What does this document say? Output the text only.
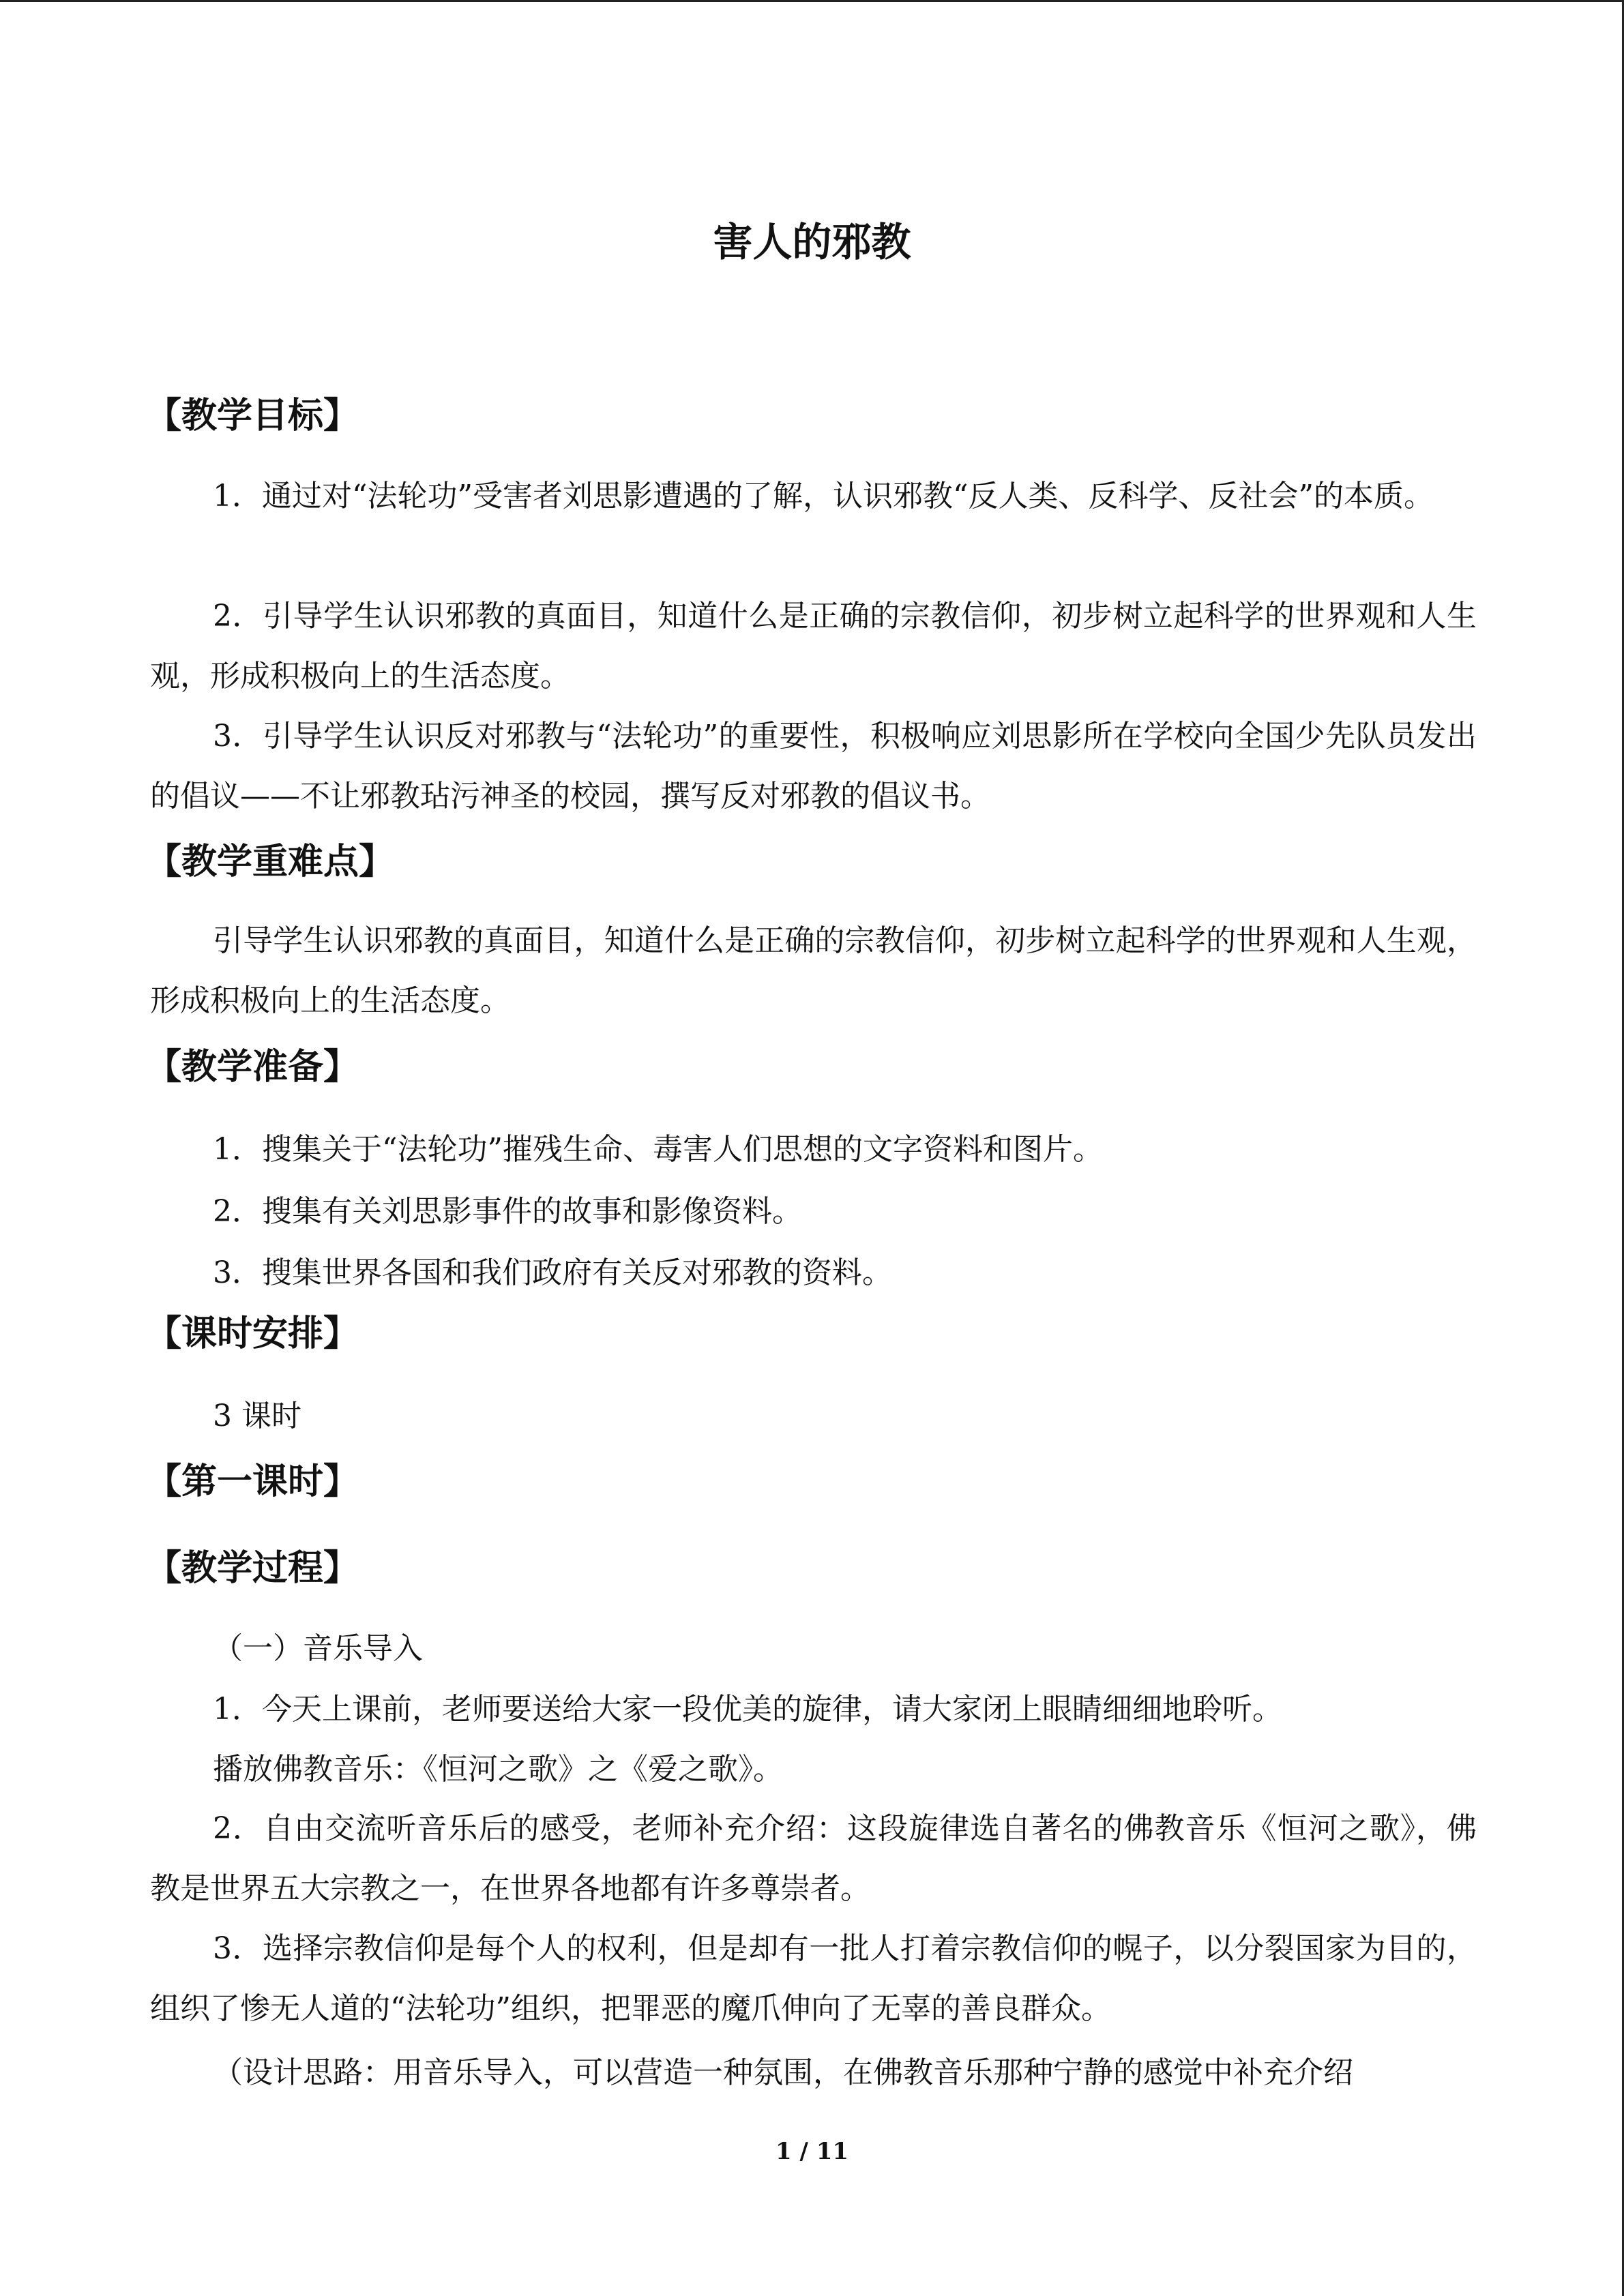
害人的邪教
【教学目标】

1．通过对“法轮功”受害者刘思影遭遇的了解，认识邪教“反人类、反科学、反社会”的本质。

2．引导学生认识邪教的真面目，知道什么是正确的宗教信仰，初步树立起科学的世界观和人生观，形成积极向上的生活态度。

3．引导学生认识反对邪教与“法轮功”的重要性，积极响应刘思影所在学校向全国少先队员发出的倡议——不让邪教玷污神圣的校园，撰写反对邪教的倡议书。

【教学重难点】

引导学生认识邪教的真面目，知道什么是正确的宗教信仰，初步树立起科学的世界观和人生观，形成积极向上的生活态度。

【教学准备】

1．搜集关于“法轮功”摧残生命、毒害人们思想的文字资料和图片。

2．搜集有关刘思影事件的故事和影像资料。

3．搜集世界各国和我们政府有关反对邪教的资料。

【课时安排】

3 课时

【第一课时】
【教学过程】

（一）音乐导入

1．今天上课前，老师要送给大家一段优美的旋律，请大家闭上眼睛细细地聆听。

播放佛教音乐：《恒河之歌》之《爱之歌》。

2．自由交流听音乐后的感受，老师补充介绍：这段旋律选自著名的佛教音乐《恒河之歌》，佛教是世界五大宗教之一，在世界各地都有许多尊崇者。

3．选择宗教信仰是每个人的权利，但是却有一批人打着宗教信仰的幌子，以分裂国家为目的，组织了惨无人道的“法轮功”组织，把罪恶的魔爪伸向了无辜的善良群众。

（设计思路：用音乐导入，可以营造一种氛围，在佛教音乐那种宁静的感觉中补充介绍

1 / 11
